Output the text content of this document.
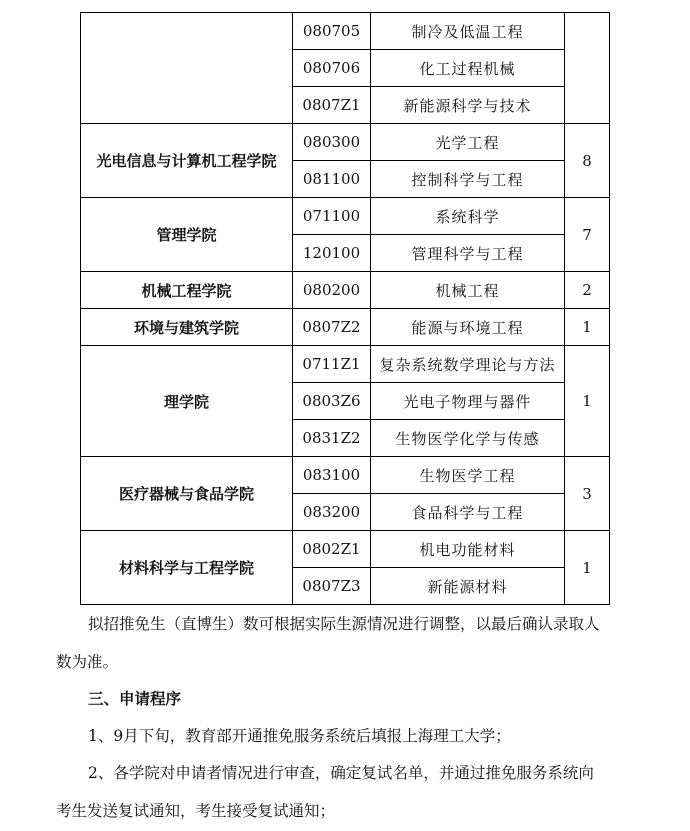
	080705	制冷及低温工程	
	080706	化工过程机械	
	0807Z1	新能源科学与技术	
光电信息与计算机工程学院	080300	光学工程	8
	081100	控制科学与工程	
管理学院	071100	系统科学	7
	120100	管理科学与工程	
机械工程学院	080200	机械工程	2
环境与建筑学院	0807Z2	能源与环境工程	1
理学院	0711Z1	复杂系统数学理论与方法	1
	0803Z6	光电子物理与器件	
	0831Z2	生物医学化学与传感	
医疗器械与食品学院	083100	生物医学工程	3
	083200	食品科学与工程	
材料科学与工程学院	0802Z1	机电功能材料	1
	0807Z3	新能源材料	

拟招推免生（直博生）数可根据实际生源情况进行调整，以最后确认录取人
数为准。

三、申请程序

1、9月下旬，教育部开通推免服务系统后填报上海理工大学；

2、各学院对申请者情况进行审查，确定复试名单，并通过推免服务系统向
考生发送复试通知，考生接受复试通知；
